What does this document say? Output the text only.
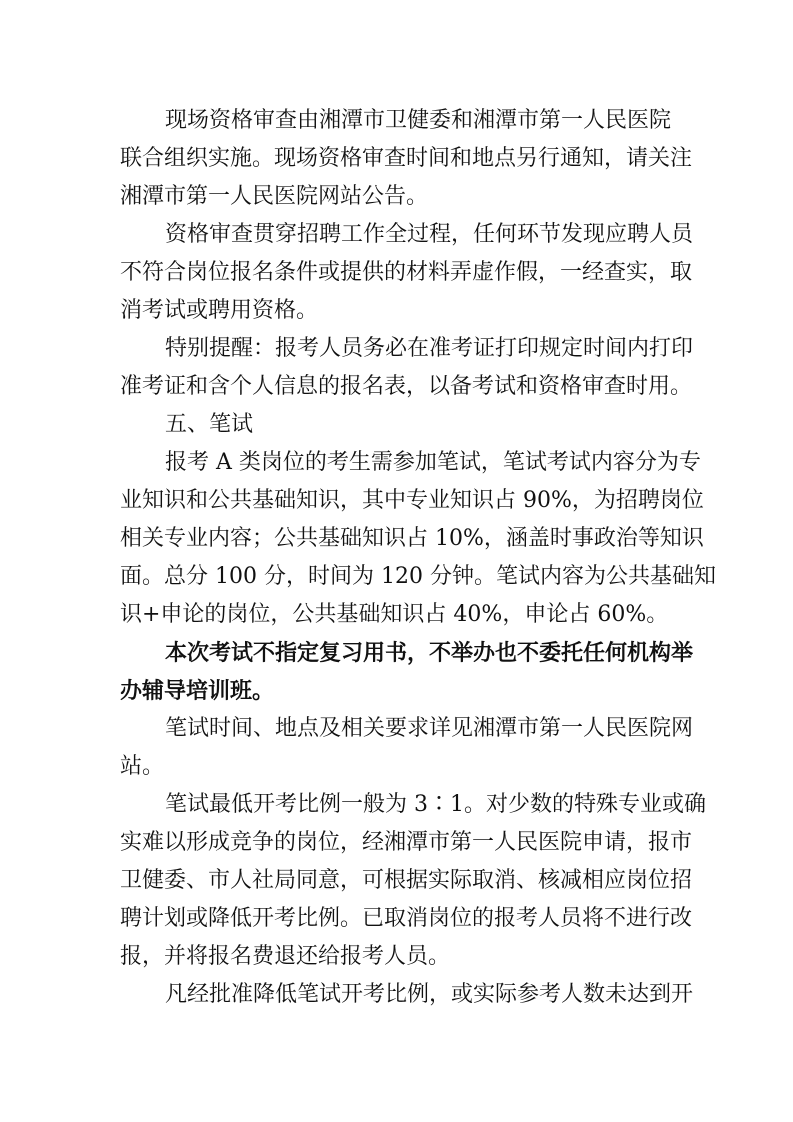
现场资格审查由湘潭市卫健委和湘潭市第一人民医院
联合组织实施。现场资格审查时间和地点另行通知，请关注
湘潭市第一人民医院网站公告。
资格审查贯穿招聘工作全过程，任何环节发现应聘人员
不符合岗位报名条件或提供的材料弄虚作假，一经查实，取
消考试或聘用资格。
特别提醒：报考人员务必在准考证打印规定时间内打印
准考证和含个人信息的报名表，以备考试和资格审查时用。
五、笔试
报考 A 类岗位的考生需参加笔试，笔试考试内容分为专
业知识和公共基础知识，其中专业知识占 90%，为招聘岗位
相关专业内容；公共基础知识占 10%，涵盖时事政治等知识
面。总分 100 分，时间为 120 分钟。笔试内容为公共基础知
识+申论的岗位，公共基础知识占 40%，申论占 60%。
本次考试不指定复习用书，不举办也不委托任何机构举
办辅导培训班。
笔试时间、地点及相关要求详见湘潭市第一人民医院网
站。
笔试最低开考比例一般为 3∶1。对少数的特殊专业或确
实难以形成竞争的岗位，经湘潭市第一人民医院申请，报市
卫健委、市人社局同意，可根据实际取消、核减相应岗位招
聘计划或降低开考比例。已取消岗位的报考人员将不进行改
报，并将报名费退还给报考人员。
凡经批准降低笔试开考比例，或实际参考人数未达到开
